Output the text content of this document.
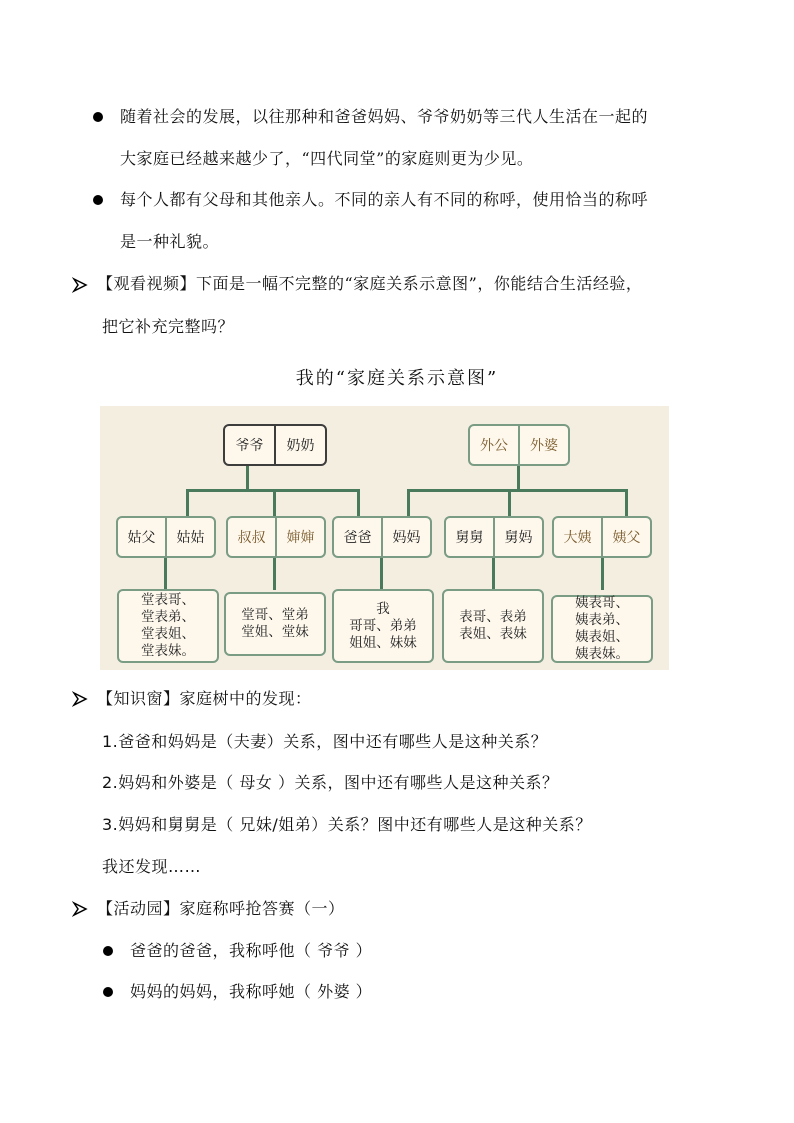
随着社会的发展，以往那种和爸爸妈妈、爷爷奶奶等三代人生活在一起的
大家庭已经越来越少了，“四代同堂”的家庭则更为少见。
每个人都有父母和其他亲人。不同的亲人有不同的称呼，使用恰当的称呼
是一种礼貌。
【观看视频】下面是一幅不完整的“家庭关系示意图”，你能结合生活经验，
把它补充完整吗？
我的“家庭关系示意图”
爷爷	奶奶	外公	外婆
姑父	姑姑	叔叔	婶婶	爸爸	妈妈	舅舅	舅妈	大姨	姨父
堂表哥、
堂表弟、
堂表姐、
堂表妹。
堂哥、堂弟
堂姐、堂妹
我
哥哥、弟弟
姐姐、妹妹
表哥、表弟
表姐、表妹
姨表哥、
姨表弟、
姨表姐、
姨表妹。
【知识窗】家庭树中的发现：
1.爸爸和妈妈是（夫妻）关系，图中还有哪些人是这种关系？
2.妈妈和外婆是（ 母女 ）关系，图中还有哪些人是这种关系？
3.妈妈和舅舅是（ 兄妹/姐弟）关系？图中还有哪些人是这种关系？
我还发现……
【活动园】家庭称呼抢答赛（一）
爸爸的爸爸，我称呼他（ 爷爷 ）
妈妈的妈妈，我称呼她（ 外婆 ）
